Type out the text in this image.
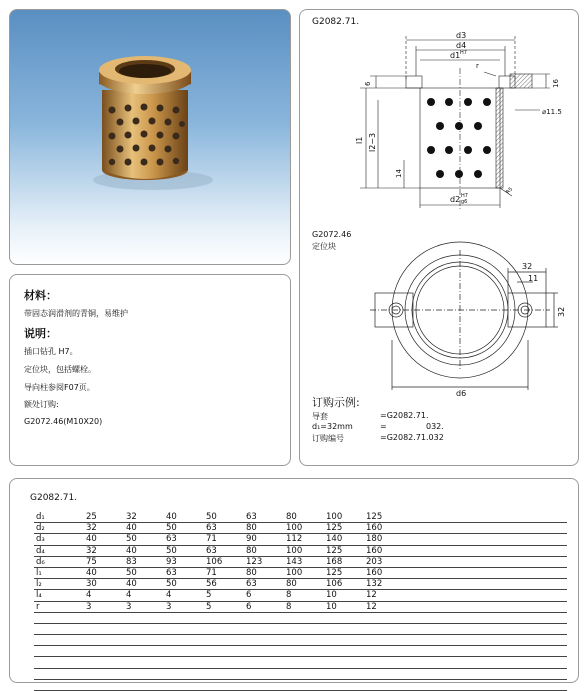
材料：
带固态润滑剂的青铜，易维护
说明：
插口钻孔 H7。
定位块，包括螺栓。
导向柱参阅F07页。
额处订购:
G2072.46(M10X20)
G2082.71.
d3
d4
d1 H7
r
6
l1 l2−3
14
16
⌀11.5
d2 H7
g6
R5
G2072.46
定位块
32
11
32
d6
订购示例:
导套	=G2082.71.
d₁=32mm	=	032.
订购编号	=G2082.71.032
G2082.71.
d₁	25	32	40	50	63	80	100	125	
d₂	32	40	50	63	80	100	125	160	
d₃	40	50	63	71	90	112	140	180	
d₄	32	40	50	63	80	100	125	160	
d₆	75	83	93	106	123	143	168	203	
l₁	40	50	63	71	80	100	125	160	
l₂	30	40	50	56	63	80	106	132	
l₄	4	4	4	5	6	8	10	12	
r	3	3	3	5	6	8	10	12	
